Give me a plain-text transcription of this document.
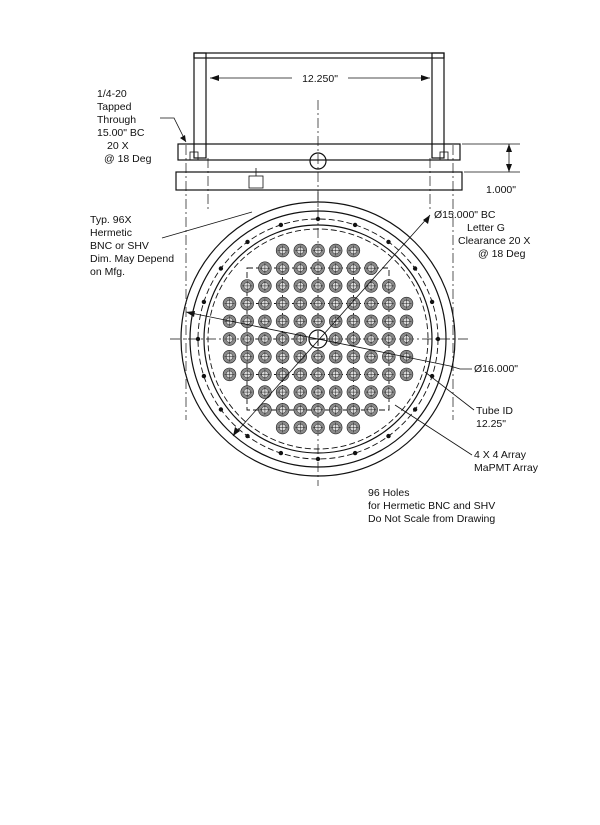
12.250"
1.000"
1/4-20 Tapped Through 15.00" BC 20 X @ 18 Deg
Typ. 96X Hermetic BNC or SHV Dim. May Depend on Mfg.
Ø15.000" BC Letter G Clearance 20 X @ 18 Deg
Ø16.000"
Tube ID 12.25"
4 X 4 Array MaPMT Array
96 Holes for Hermetic BNC and SHV Do Not Scale from Drawing
